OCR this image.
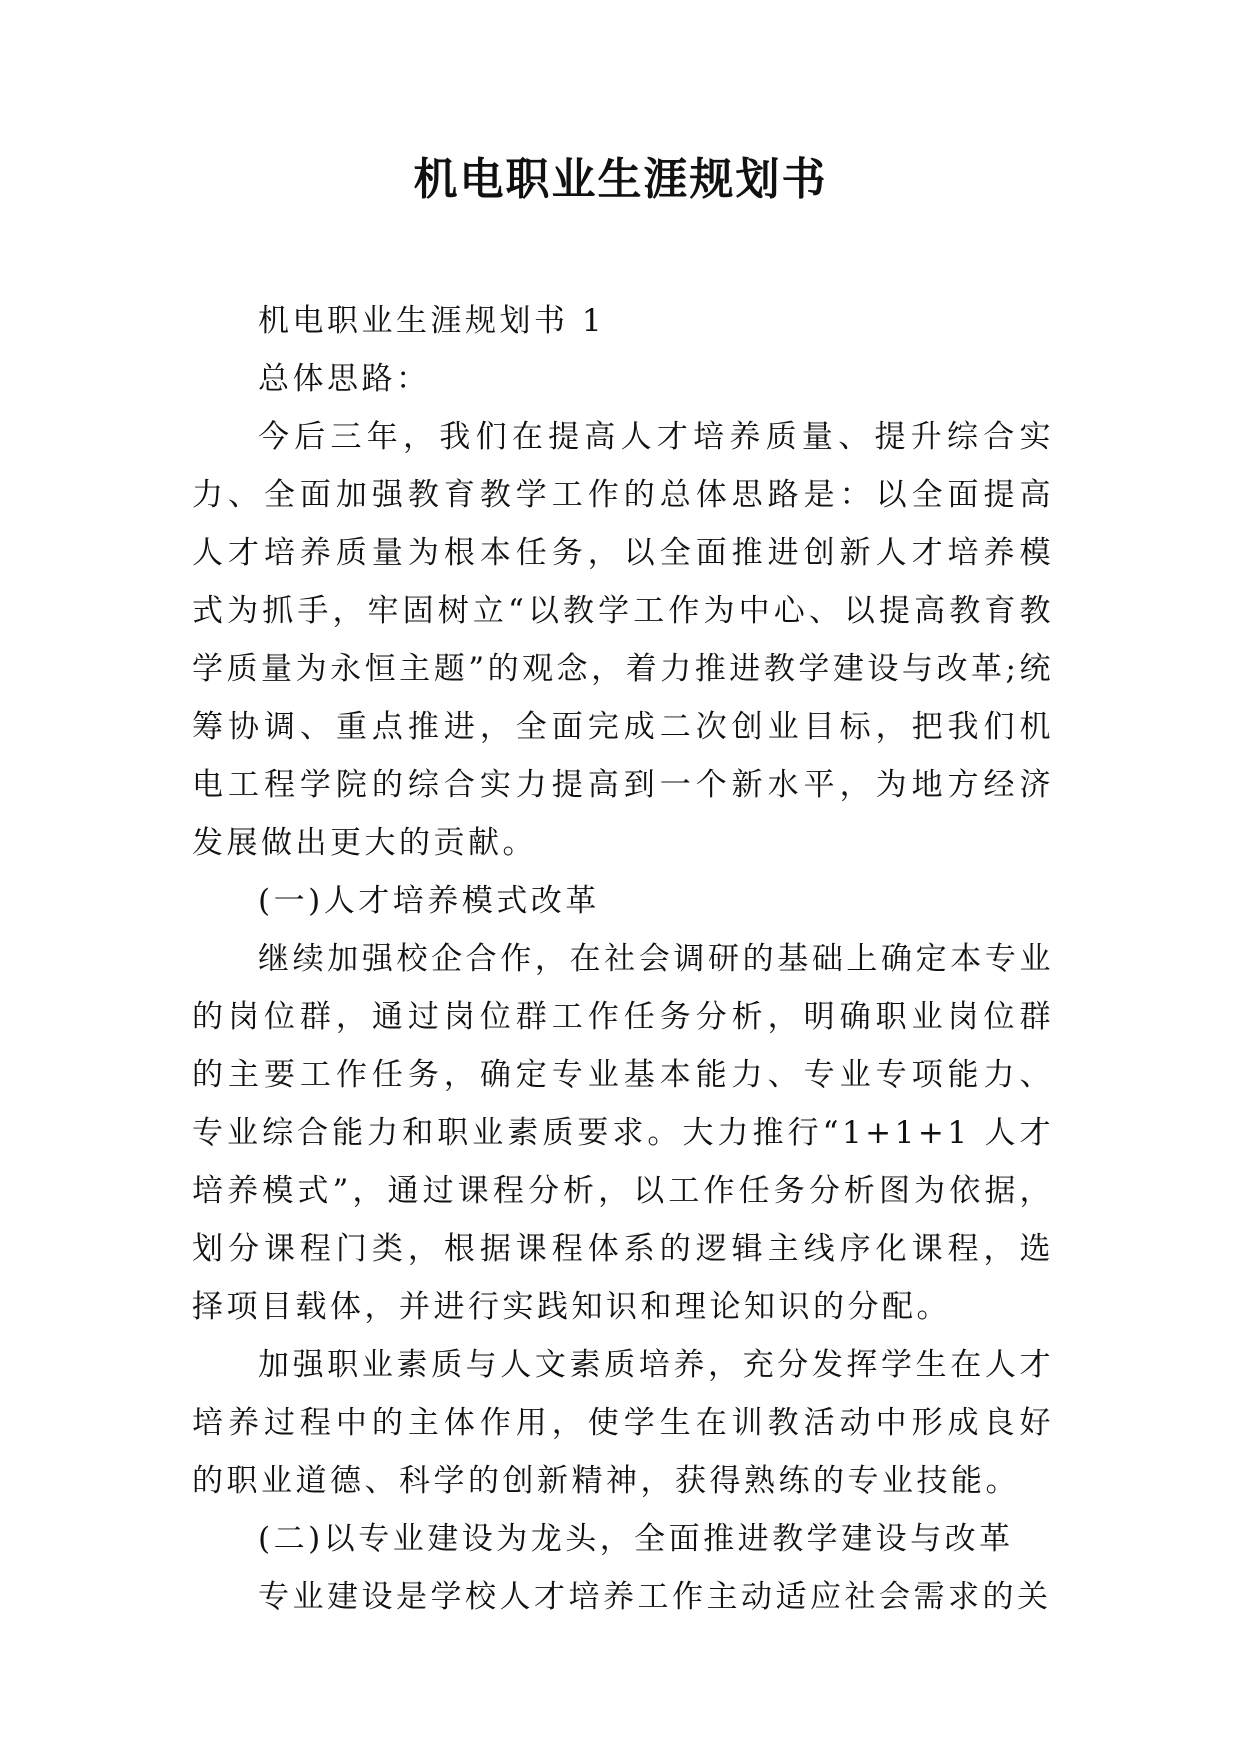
机电职业生涯规划书

机电职业生涯规划书 1

总体思路：

今后三年，我们在提高人才培养质量、提升综合实力、全面加强教育教学工作的总体思路是：以全面提高人才培养质量为根本任务，以全面推进创新人才培养模式为抓手，牢固树立“以教学工作为中心、以提高教育教学质量为永恒主题”的观念，着力推进教学建设与改革;统筹协调、重点推进，全面完成二次创业目标，把我们机电工程学院的综合实力提高到一个新水平，为地方经济发展做出更大的贡献。

(一)人才培养模式改革

继续加强校企合作，在社会调研的基础上确定本专业的岗位群，通过岗位群工作任务分析，明确职业岗位群的主要工作任务，确定专业基本能力、专业专项能力、专业综合能力和职业素质要求。大力推行“1+1+1 人才培养模式”，通过课程分析，以工作任务分析图为依据，划分课程门类，根据课程体系的逻辑主线序化课程，选择项目载体，并进行实践知识和理论知识的分配。

加强职业素质与人文素质培养，充分发挥学生在人才培养过程中的主体作用，使学生在训教活动中形成良好的职业道德、科学的创新精神，获得熟练的专业技能。

(二)以专业建设为龙头，全面推进教学建设与改革

专业建设是学校人才培养工作主动适应社会需求的关
